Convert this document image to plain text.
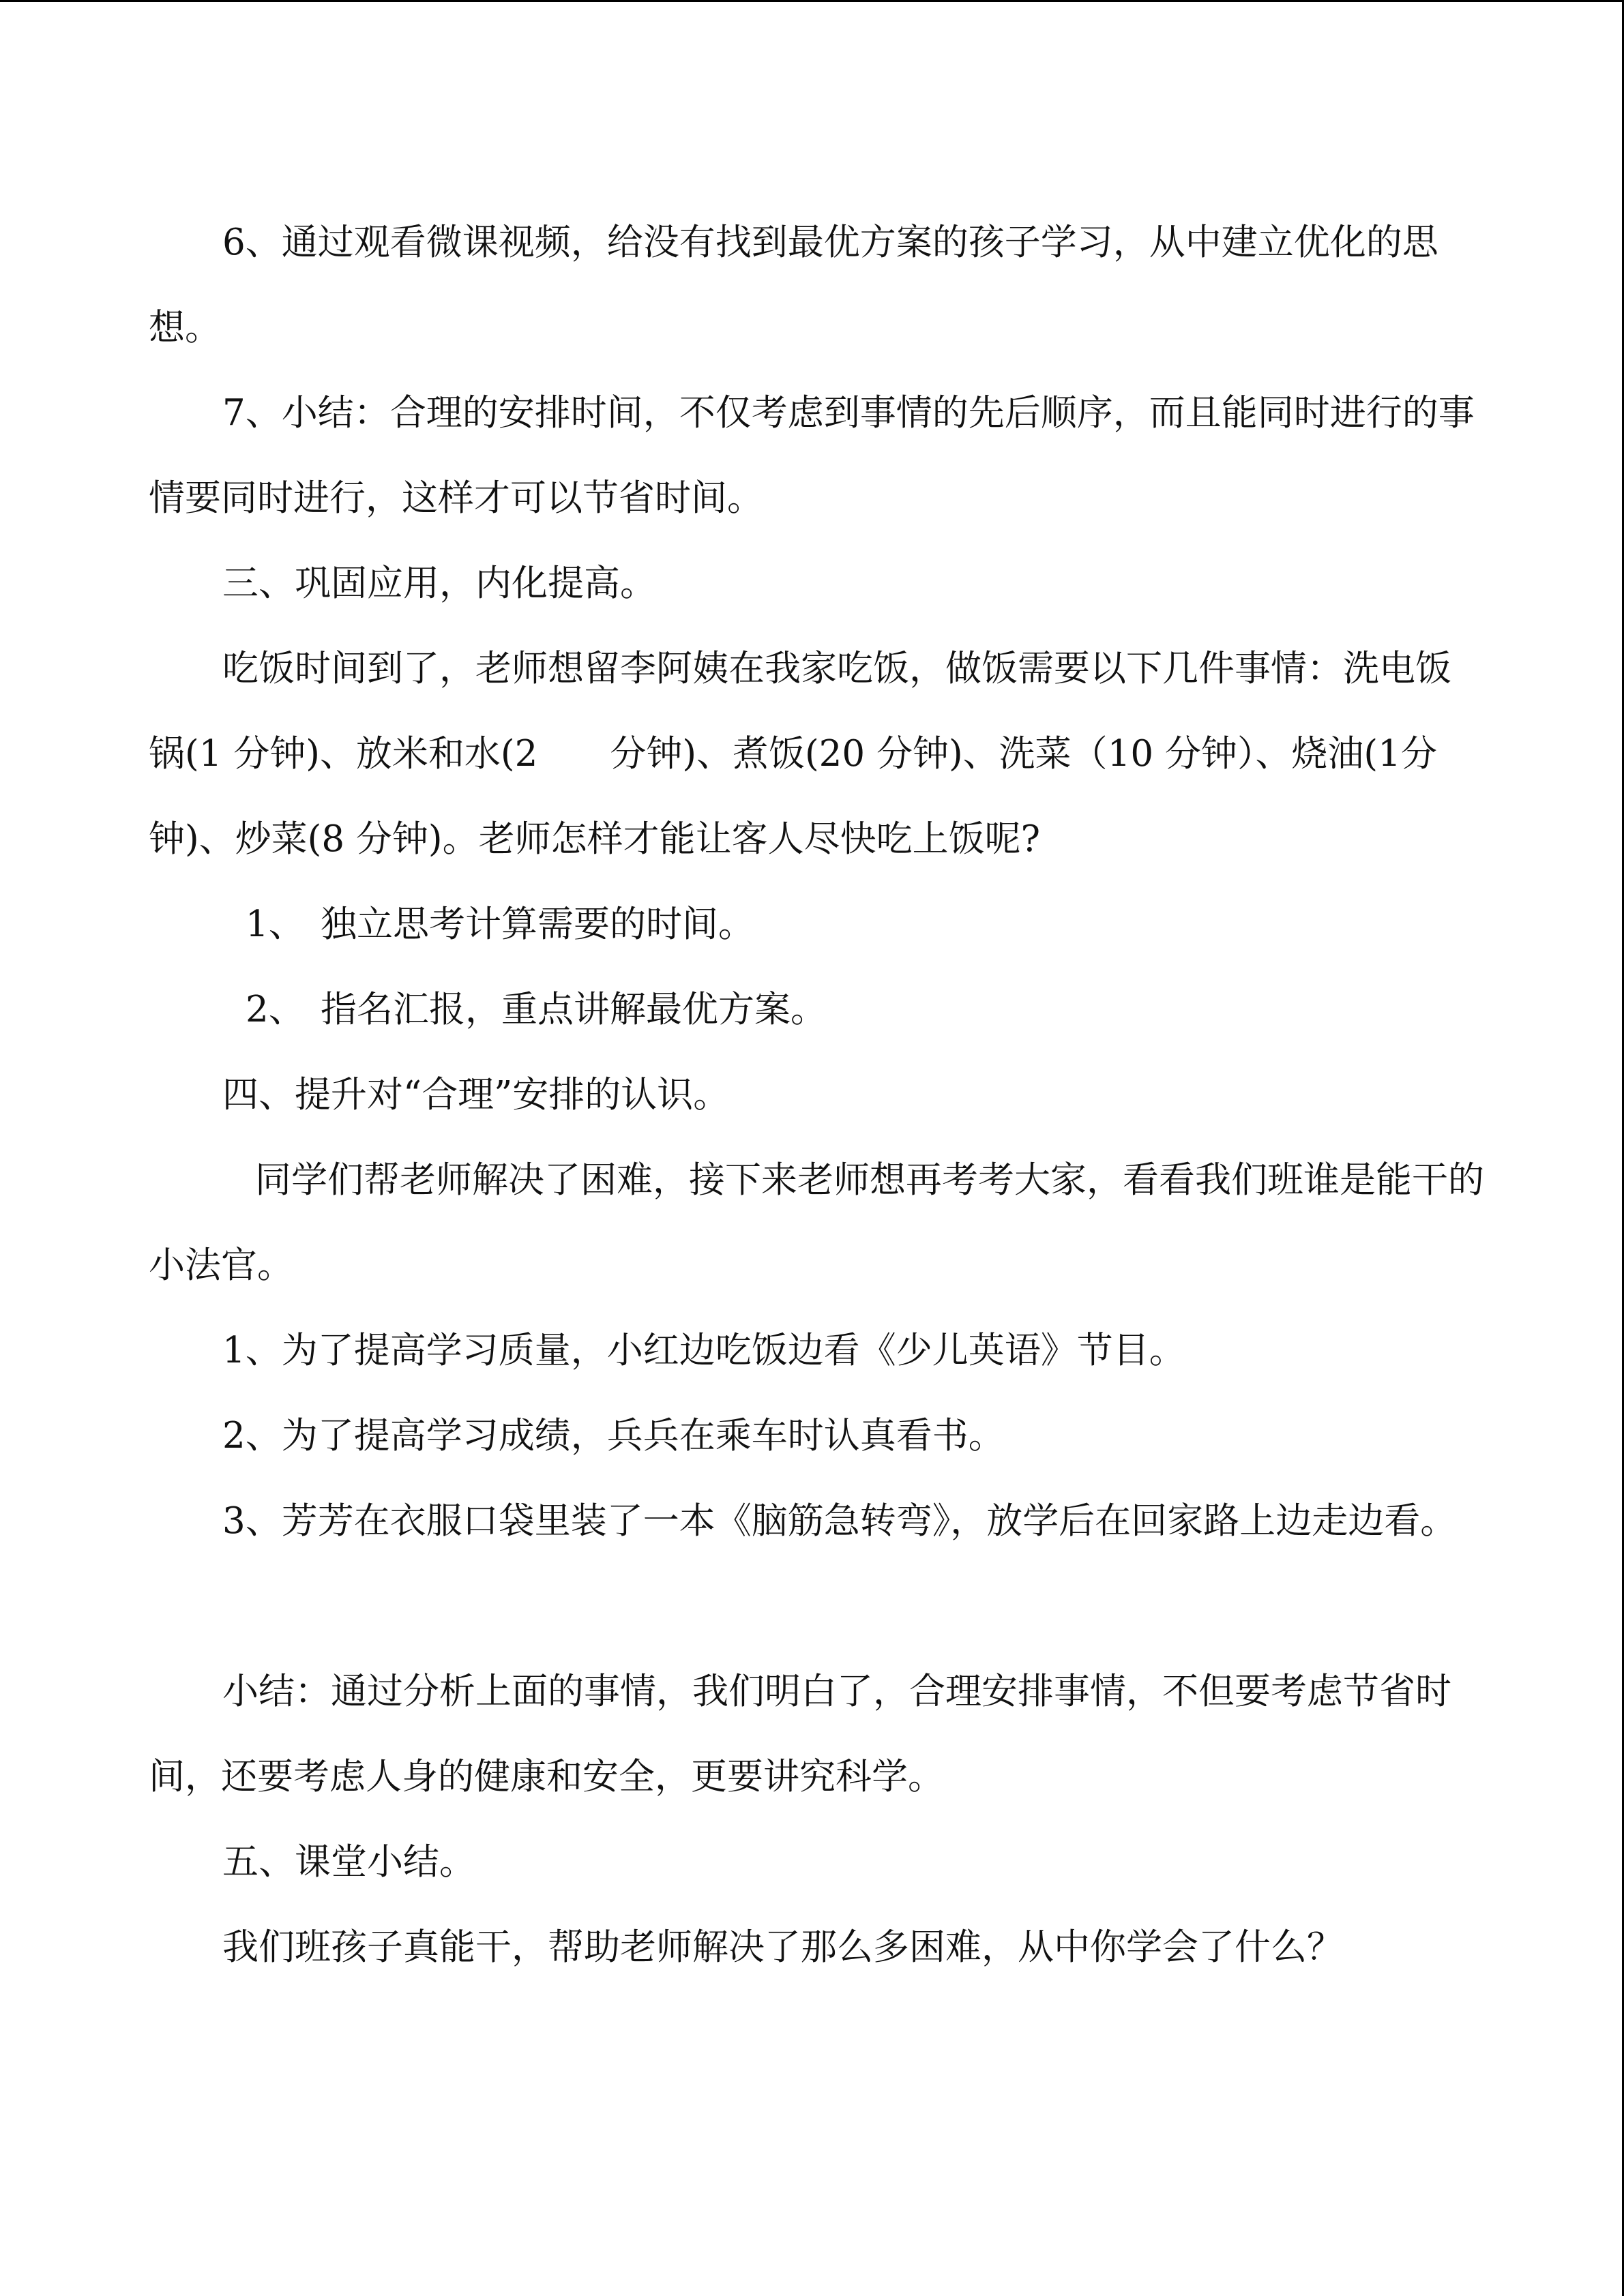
6、通过观看微课视频，给没有找到最优方案的孩子学习，从中建立优化的思想。

7、小结：合理的安排时间，不仅考虑到事情的先后顺序，而且能同时进行的事情要同时进行，这样才可以节省时间。

三、巩固应用，内化提高。

吃饭时间到了，老师想留李阿姨在我家吃饭，做饭需要以下几件事情：洗电饭锅(1 分钟)、放米和水(2　　分钟)、煮饭(20 分钟)、洗菜（10 分钟）、烧油(1分钟)、炒菜(8 分钟)。老师怎样才能让客人尽快吃上饭呢?

1、 独立思考计算需要的时间。
2、 指名汇报，重点讲解最优方案。

四、提升对“合理”安排的认识。

同学们帮老师解决了困难，接下来老师想再考考大家，看看我们班谁是能干的小法官。

1、为了提高学习质量，小红边吃饭边看《少儿英语》节目。

2、为了提高学习成绩，兵兵在乘车时认真看书。

3、芳芳在衣服口袋里装了一本《脑筋急转弯》，放学后在回家路上边走边看。

小结：通过分析上面的事情，我们明白了，合理安排事情，不但要考虑节省时间，还要考虑人身的健康和安全，更要讲究科学。

五、课堂小结。

我们班孩子真能干，帮助老师解决了那么多困难，从中你学会了什么？
